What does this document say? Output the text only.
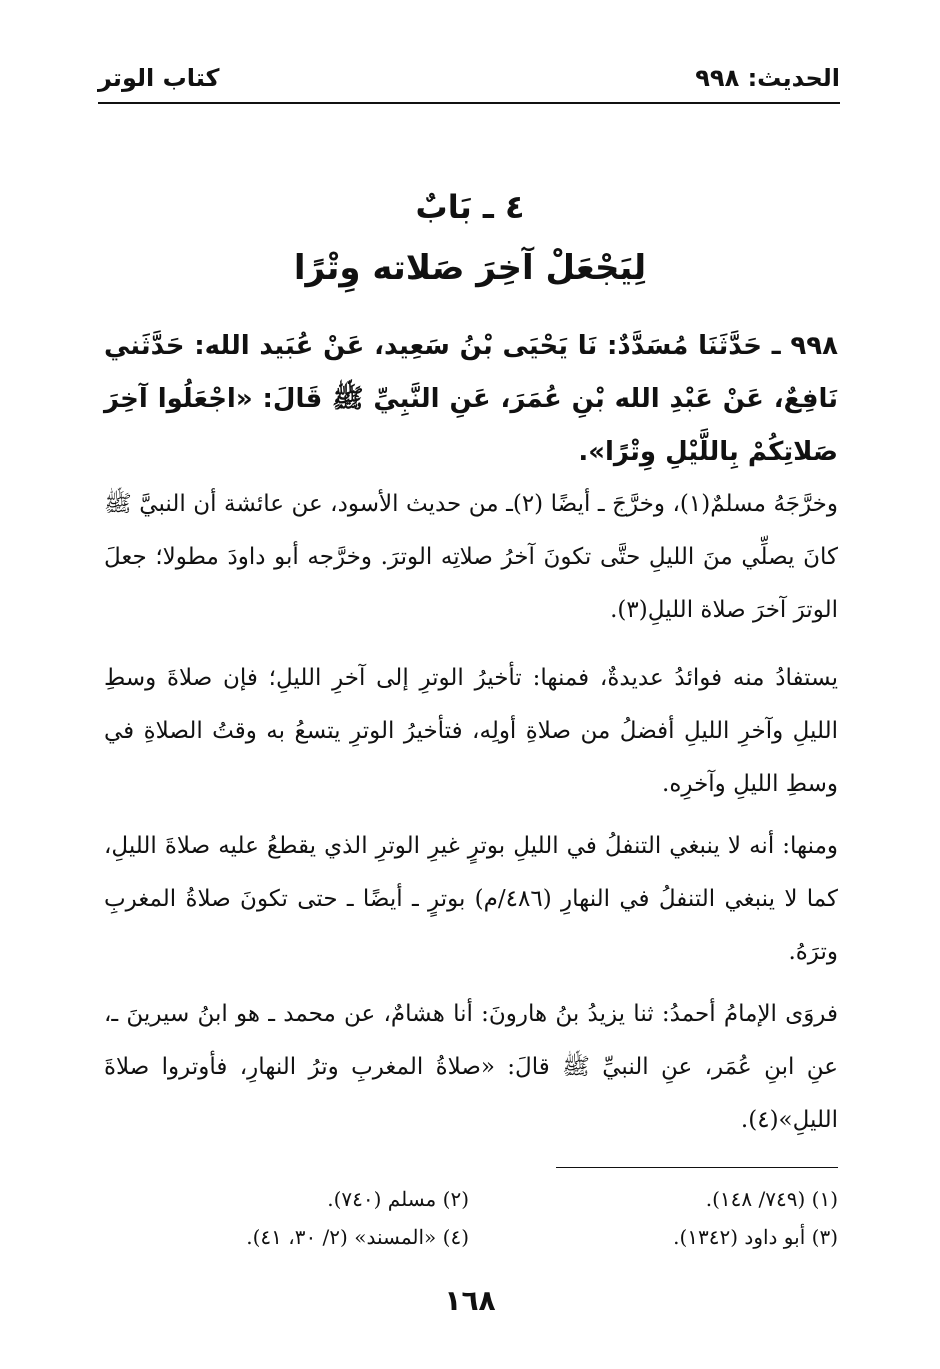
الحديث: ٩٩٨
كتاب الوتر
٤ ـ بَابٌ
لِيَجْعَلْ آخِرَ صَلاته وِتْرًا
٩٩٨ ـ حَدَّثَنَا مُسَدَّدٌ: نَا يَحْيَى بْنُ سَعِيد، عَنْ عُبَيد الله: حَدَّثَني نَافِعٌ، عَنْ عَبْدِ الله بْنِ عُمَرَ، عَنِ النَّبِيِّ ﷺ قَالَ: «اجْعَلُوا آخِرَ صَلاتِكُمْ بِاللَّيْلِ وِتْرًا».
وخرَّجَهُ مسلمٌ(١)، وخرَّجَ ـ أيضًا (٢)ـ من حديث الأسود، عن عائشة أن النبيَّ ﷺ كانَ يصلِّي منَ الليلِ حتَّى تكونَ آخرُ صلاتِه الوترَ. وخرَّجه أبو داودَ مطولا؛ جعلَ الوترَ آخرَ صلاة الليلِ(٣).
يستفادُ منه فوائدُ عديدةٌ، فمنها: تأخيرُ الوترِ إلى آخرِ الليلِ؛ فإن صلاةَ وسطِ الليلِ وآخرِ الليلِ أفضلُ من صلاةِ أولِه، فتأخيرُ الوترِ يتسعُ به وقتُ الصلاةِ في وسطِ الليلِ وآخرِه.
ومنها: أنه لا ينبغي التنفلُ في الليلِ بوترٍ غيرِ الوترِ الذي يقطعُ عليه صلاةَ الليلِ، كما لا ينبغي التنفلُ في النهارِ (٤٨٦/م) بوترٍ ـ أيضًا ـ حتى تكونَ صلاةُ المغربِ وترَهُ.
فروَى الإمامُ أحمدُ: ثنا يزيدُ بنُ هارونَ: أنا هشامٌ، عن محمد ـ هو ابنُ سيرينَ ـ، عنِ ابنِ عُمَر، عنِ النبيِّ ﷺ قالَ: «صلاةُ المغربِ وترُ النهارِ، فأوتروا صلاةَ الليلِ»(٤).
(١) (٧٤٩/ ١٤٨).
(٢) مسلم (٧٤٠).
(٣) أبو داود (١٣٤٢).
(٤) «المسند» (٢/ ٣٠، ٤١).
١٦٨
